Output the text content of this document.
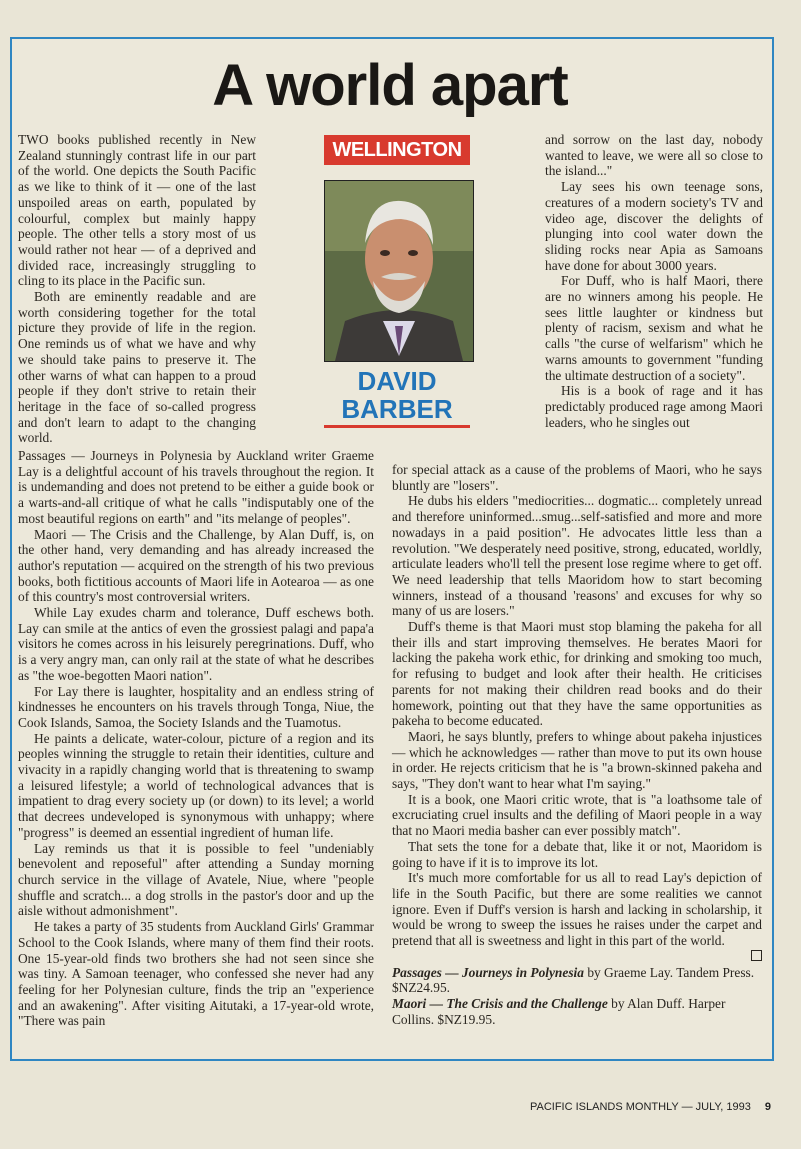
A world apart

TWO books published recently in New Zealand stunningly contrast life in our part of the world. One depicts the South Pacific as we like to think of it — one of the last unspoiled areas on earth, populated by colourful, complex but mainly happy people. The other tells a story most of us would rather not hear — of a deprived and divided race, increasingly struggling to cling to its place in the Pacific sun.

Both are eminently readable and are worth considering together for the total picture they provide of life in the region. One reminds us of what we have and why we should take pains to preserve it. The other warns of what can happen to a proud people if they don't strive to retain their heritage in the face of so-called progress and don't learn to adapt to the changing world.

WELLINGTON
DAVID
BARBER

Passages — Journeys in Polynesia by Auckland writer Graeme Lay is a delightful account of his travels throughout the region. It is undemanding and does not pretend to be either a guide book or a warts-and-all critique of what he calls "indisputably one of the most beautiful regions on earth" and "its melange of peoples".

Maori — The Crisis and the Challenge, by Alan Duff, is, on the other hand, very demanding and has already increased the author's reputation — acquired on the strength of his two previous books, both fictitious accounts of Maori life in Aotearoa — as one of this country's most controversial writers.

While Lay exudes charm and tolerance, Duff eschews both. Lay can smile at the antics of even the grossiest palagi and papa'a visitors he comes across in his leisurely peregrinations. Duff, who is a very angry man, can only rail at the state of what he describes as "the woe-begotten Maori nation".

For Lay there is laughter, hospitality and an endless string of kindnesses he encounters on his travels through Tonga, Niue, the Cook Islands, Samoa, the Society Islands and the Tuamotus.

He paints a delicate, water-colour, picture of a region and its peoples winning the struggle to retain their identities, culture and vivacity in a rapidly changing world that is threatening to swamp a leisured lifestyle; a world of technological advances that is impatient to drag every society up (or down) to its level; a world that decrees undeveloped is synonymous with unhappy; where "progress" is deemed an essential ingredient of human life.

Lay reminds us that it is possible to feel "undeniably benevolent and reposeful" after attending a Sunday morning church service in the village of Avatele, Niue, where "people shuffle and scratch... a dog strolls in the pastor's door and up the aisle without admonishment".

He takes a party of 35 students from Auckland Girls' Grammar School to the Cook Islands, where many of them find their roots. One 15-year-old finds two brothers she had not seen since she was tiny. A Samoan teenager, who confessed she never had any feeling for her Polynesian culture, finds the trip an "experience and an awakening". After visiting Aitutaki, a 17-year-old wrote, "There was pain

and sorrow on the last day, nobody wanted to leave, we were all so close to the island..."

Lay sees his own teenage sons, creatures of a modern society's TV and video age, discover the delights of plunging into cool water down the sliding rocks near Apia as Samoans have done for about 3000 years.

For Duff, who is half Maori, there are no winners among his people. He sees little laughter or kindness but plenty of racism, sexism and what he calls "the curse of welfarism" which he warns amounts to government "funding the ultimate destruction of a society".

His is a book of rage and it has predictably produced rage among Maori leaders, who he singles out

for special attack as a cause of the problems of Maori, who he says bluntly are "losers".

He dubs his elders "mediocrities... dogmatic... completely unread and therefore uninformed...smug...self-satisfied and more and more nowadays in a paid position". He advocates little less than a revolution. "We desperately need positive, strong, educated, worldly, articulate leaders who'll tell the present lose regime where to get off. We need leadership that tells Maoridom how to start becoming winners, instead of a thousand 'reasons' and excuses for why so many of us are losers."

Duff's theme is that Maori must stop blaming the pakeha for all their ills and start improving themselves. He berates Maori for lacking the pakeha work ethic, for drinking and smoking too much, for refusing to budget and look after their health. He criticises parents for not making their children read books and do their homework, pointing out that they have the same opportunities as pakeha to become educated.

Maori, he says bluntly, prefers to whinge about pakeha injustices — which he acknowledges — rather than move to put its own house in order. He rejects criticism that he is "a brown-skinned pakeha and says, "They don't want to hear what I'm saying."

It is a book, one Maori critic wrote, that is "a loathsome tale of excruciating cruel insults and the defiling of Maori people in a way that no Maori media basher can ever possibly match".

That sets the tone for a debate that, like it or not, Maoridom is going to have if it is to improve its lot.

It's much more comfortable for us all to read Lay's depiction of life in the South Pacific, but there are some realities we cannot ignore. Even if Duff's version is harsh and lacking in scholarship, it would be wrong to sweep the issues he raises under the carpet and pretend that all is sweetness and light in this part of the world.

Passages — Journeys in Polynesia by Graeme Lay. Tandem Press. $NZ24.95.
Maori — The Crisis and the Challenge by Alan Duff. Harper Collins. $NZ19.95.
PACIFIC ISLANDS MONTHLY — JULY, 1993 9
